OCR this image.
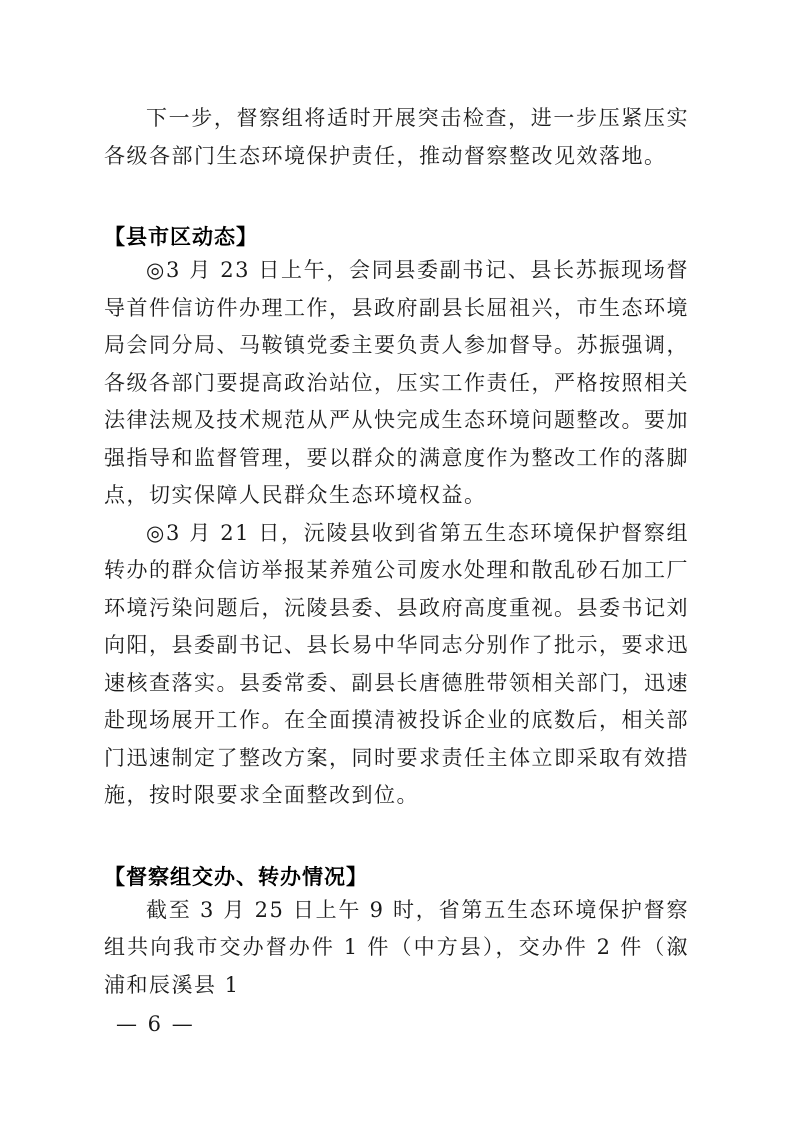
下一步，督察组将适时开展突击检查，进一步压紧压实各级各部门生态环境保护责任，推动督察整改见效落地。

【县市区动态】

◎3 月 23 日上午，会同县委副书记、县长苏振现场督导首件信访件办理工作，县政府副县长屈祖兴，市生态环境局会同分局、马鞍镇党委主要负责人参加督导。苏振强调，各级各部门要提高政治站位，压实工作责任，严格按照相关法律法规及技术规范从严从快完成生态环境问题整改。要加强指导和监督管理，要以群众的满意度作为整改工作的落脚点，切实保障人民群众生态环境权益。

◎3 月 21 日，沅陵县收到省第五生态环境保护督察组转办的群众信访举报某养殖公司废水处理和散乱砂石加工厂环境污染问题后，沅陵县委、县政府高度重视。县委书记刘向阳，县委副书记、县长易中华同志分别作了批示，要求迅速核查落实。县委常委、副县长唐德胜带领相关部门，迅速赴现场展开工作。在全面摸清被投诉企业的底数后，相关部门迅速制定了整改方案，同时要求责任主体立即采取有效措施，按时限要求全面整改到位。

【督察组交办、转办情况】

截至 3 月 25 日上午 9 时，省第五生态环境保护督察组共向我市交办督办件 1 件（中方县），交办件 2 件（溆浦和辰溪县 1

— 6 —
